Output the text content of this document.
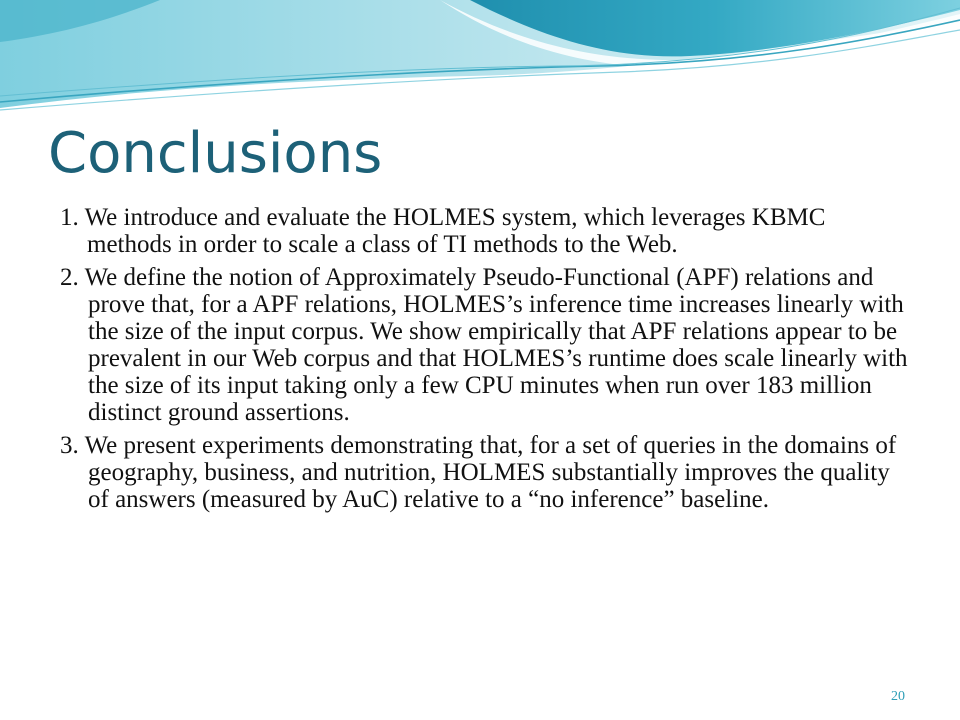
Conclusions
1. We introduce and evaluate the HOLMES system, which leverages KBMC methods in order to scale a class of TI methods to the Web.
2. We define the notion of Approximately Pseudo-Functional (APF) relations and prove that, for a APF relations, HOLMES’s inference time increases linearly with the size of the input corpus. We show empirically that APF relations appear to be prevalent in our Web corpus and that HOLMES’s runtime does scale linearly with the size of its input taking only a few CPU minutes when run over 183 million distinct ground assertions.
3. We present experiments demonstrating that, for a set of queries in the domains of geography, business, and nutrition, HOLMES substantially improves the quality of answers (measured by AuC) relative to a “no inference” baseline.
20
